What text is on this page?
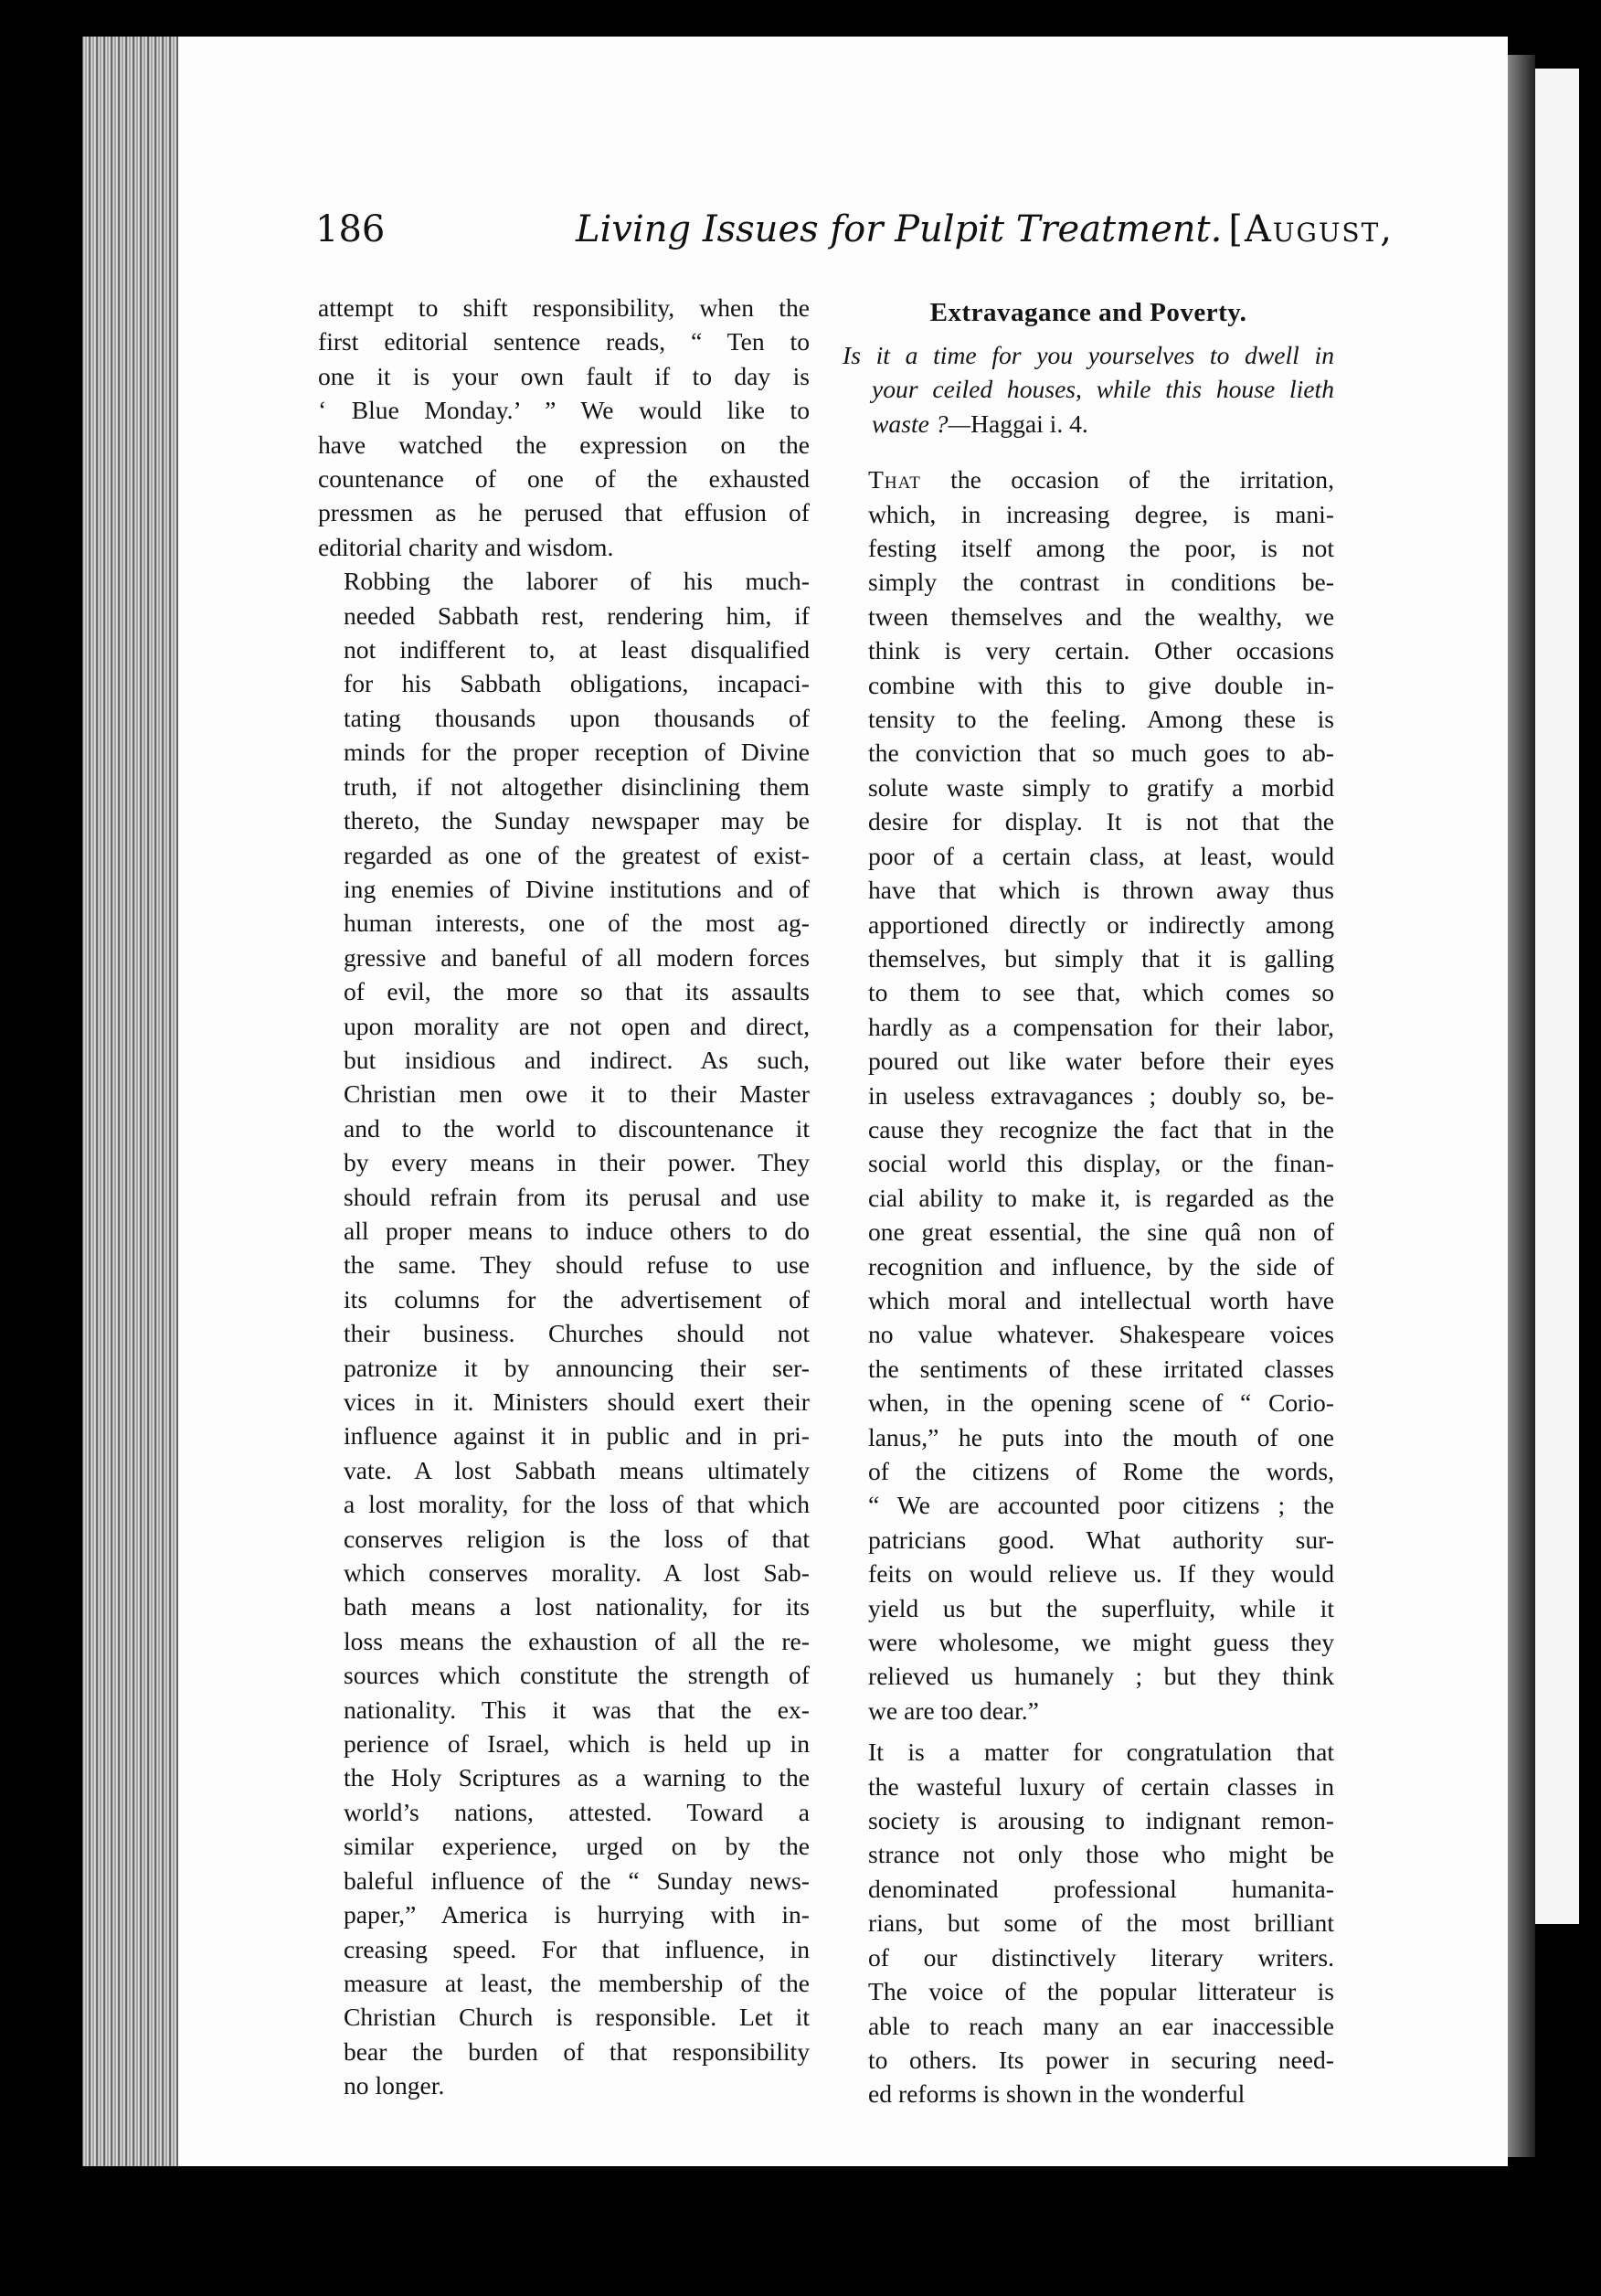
186	Living Issues for Pulpit Treatment. [August,

attempt to shift responsibility, when the
first editorial sentence reads, “ Ten to
one it is your own fault if to day is
‘ Blue Monday.’ ” We would like to
have watched the expression on the
countenance of one of the exhausted
pressmen as he perused that effusion of
editorial charity and wisdom.

Robbing the laborer of his much-
needed Sabbath rest, rendering him, if
not indifferent to, at least disqualified
for his Sabbath obligations, incapaci-
tating thousands upon thousands of
minds for the proper reception of Divine
truth, if not altogether disinclining them
thereto, the Sunday newspaper may be
regarded as one of the greatest of exist-
ing enemies of Divine institutions and of
human interests, one of the most ag-
gressive and baneful of all modern forces
of evil, the more so that its assaults
upon morality are not open and direct,
but insidious and indirect. As such,
Christian men owe it to their Master
and to the world to discountenance it
by every means in their power. They
should refrain from its perusal and use
all proper means to induce others to do
the same. They should refuse to use
its columns for the advertisement of
their business. Churches should not
patronize it by announcing their ser-
vices in it. Ministers should exert their
influence against it in public and in pri-
vate. A lost Sabbath means ultimately
a lost morality, for the loss of that which
conserves religion is the loss of that
which conserves morality. A lost Sab-
bath means a lost nationality, for its
loss means the exhaustion of all the re-
sources which constitute the strength of
nationality. This it was that the ex-
perience of Israel, which is held up in
the Holy Scriptures as a warning to the
world’s nations, attested. Toward a
similar experience, urged on by the
baleful influence of the “ Sunday news-
paper,” America is hurrying with in-
creasing speed. For that influence, in
measure at least, the membership of the
Christian Church is responsible. Let it
bear the burden of that responsibility
no longer.

Extravagance and Poverty.
Is it a time for you yourselves to dwell in
your ceiled houses, while this house lieth
waste ?—Haggai i. 4.

That the occasion of the irritation,
which, in increasing degree, is mani-
festing itself among the poor, is not
simply the contrast in conditions be-
tween themselves and the wealthy, we
think is very certain. Other occasions
combine with this to give double in-
tensity to the feeling. Among these is
the conviction that so much goes to ab-
solute waste simply to gratify a morbid
desire for display. It is not that the
poor of a certain class, at least, would
have that which is thrown away thus
apportioned directly or indirectly among
themselves, but simply that it is galling
to them to see that, which comes so
hardly as a compensation for their labor,
poured out like water before their eyes
in useless extravagances ; doubly so, be-
cause they recognize the fact that in the
social world this display, or the finan-
cial ability to make it, is regarded as the
one great essential, the sine quâ non of
recognition and influence, by the side of
which moral and intellectual worth have
no value whatever. Shakespeare voices
the sentiments of these irritated classes
when, in the opening scene of “ Corio-
lanus,” he puts into the mouth of one
of the citizens of Rome the words,
“ We are accounted poor citizens ; the
patricians good. What authority sur-
feits on would relieve us. If they would
yield us but the superfluity, while it
were wholesome, we might guess they
relieved us humanely ; but they think
we are too dear.”

It is a matter for congratulation that
the wasteful luxury of certain classes in
society is arousing to indignant remon-
strance not only those who might be
denominated professional humanita-
rians, but some of the most brilliant
of our distinctively literary writers.
The voice of the popular litterateur is
able to reach many an ear inaccessible
to others. Its power in securing need-
ed reforms is shown in the wonderful
